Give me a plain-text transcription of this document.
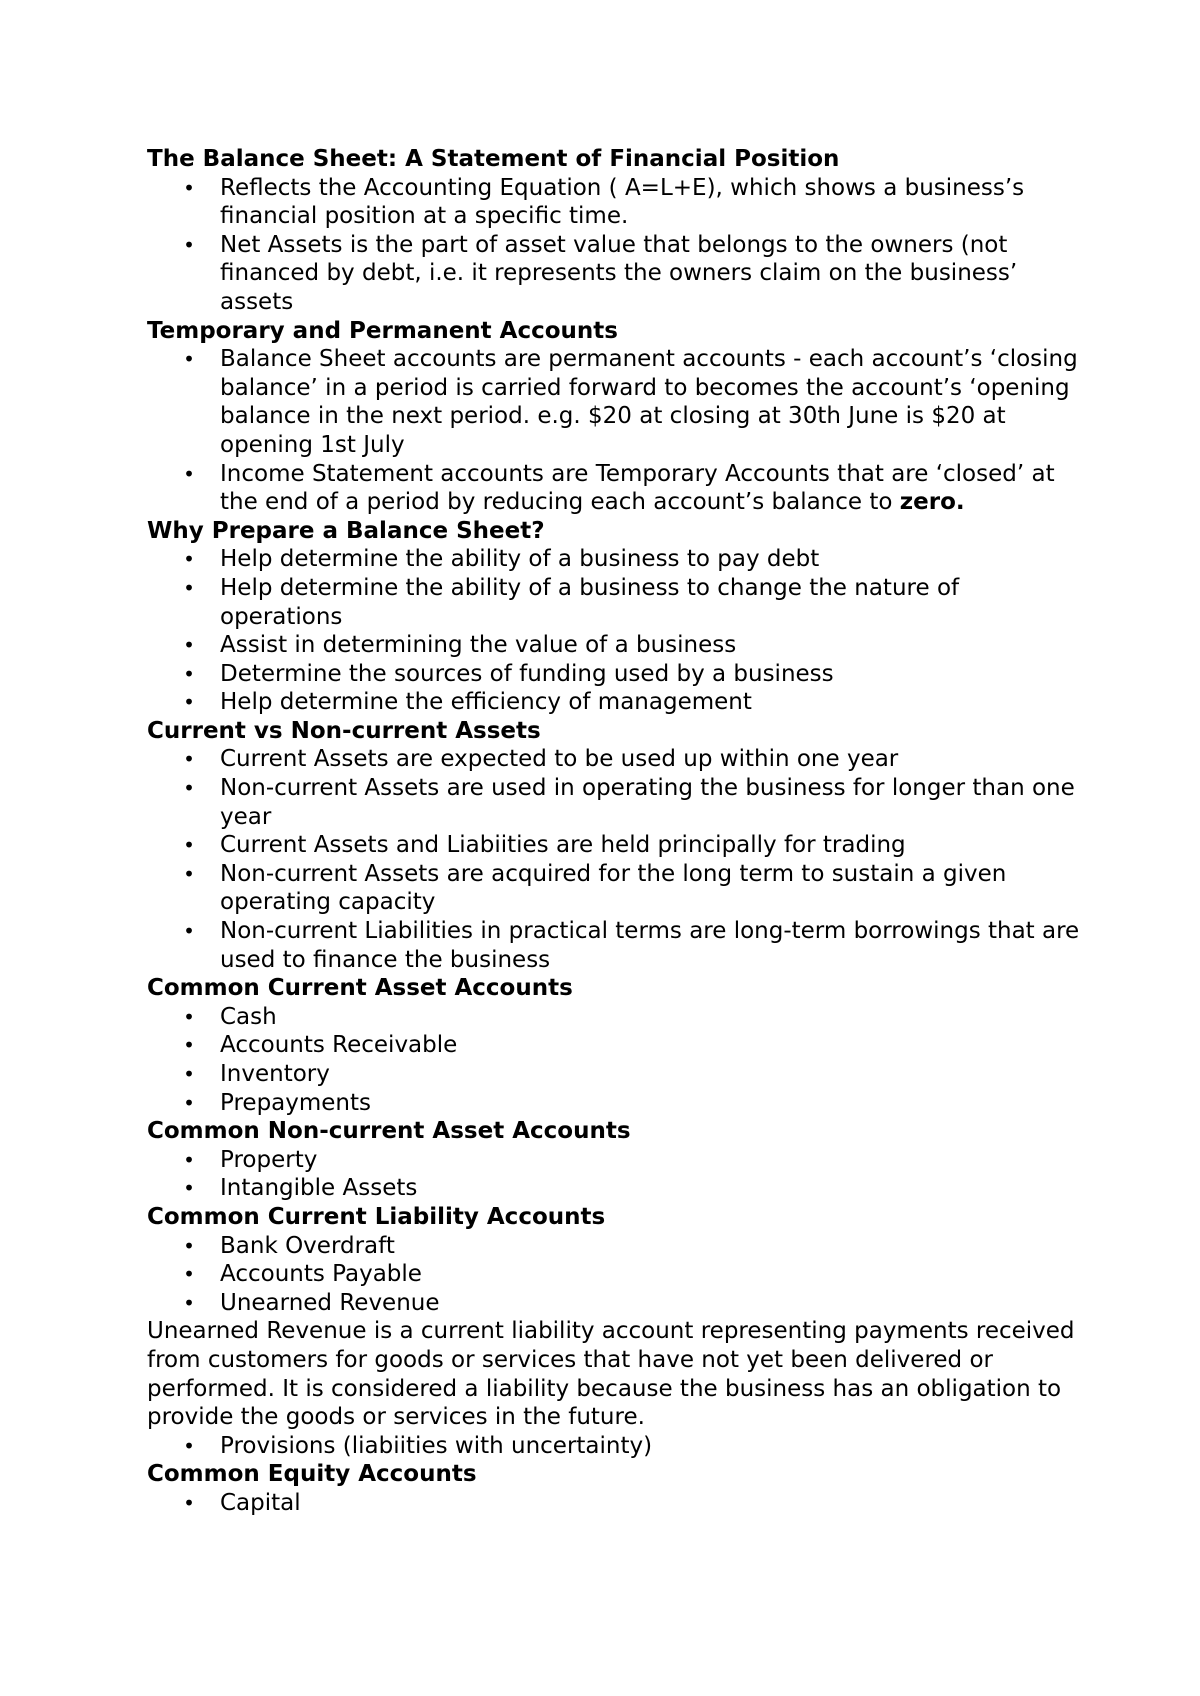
The Balance Sheet: A Statement of Financial Position

• Reflects the Accounting Equation ( A=L+E), which shows a business’s financial position at a specific time.
• Net Assets is the part of asset value that belongs to the owners (not financed by debt, i.e. it represents the owners claim on the business’ assets

Temporary and Permanent Accounts

• Balance Sheet accounts are permanent accounts - each account’s ‘closing balance’ in a period is carried forward to becomes the account’s ‘opening balance in the next period. e.g. $20 at closing at 30th June is $20 at opening 1st July
• Income Statement accounts are Temporary Accounts that are ‘closed’ at the end of a period by reducing each account’s balance to zero.

Why Prepare a Balance Sheet?

• Help determine the ability of a business to pay debt
• Help determine the ability of a business to change the nature of operations
• Assist in determining the value of a business
• Determine the sources of funding used by a business
• Help determine the efficiency of management

Current vs Non-current Assets

• Current Assets are expected to be used up within one year
• Non-current Assets are used in operating the business for longer than one year
• Current Assets and Liabiities are held principally for trading
• Non-current Assets are acquired for the long term to sustain a given operating capacity
• Non-current Liabilities in practical terms are long-term borrowings that are used to finance the business

Common Current Asset Accounts

• Cash
• Accounts Receivable
• Inventory
• Prepayments

Common Non-current Asset Accounts

• Property
• Intangible Assets

Common Current Liability Accounts

• Bank Overdraft
• Accounts Payable
• Unearned Revenue

Unearned Revenue is a current liability account representing payments received from customers for goods or services that have not yet been delivered or performed. It is considered a liability because the business has an obligation to provide the goods or services in the future.

• Provisions (liabiities with uncertainty)

Common Equity Accounts

• Capital
